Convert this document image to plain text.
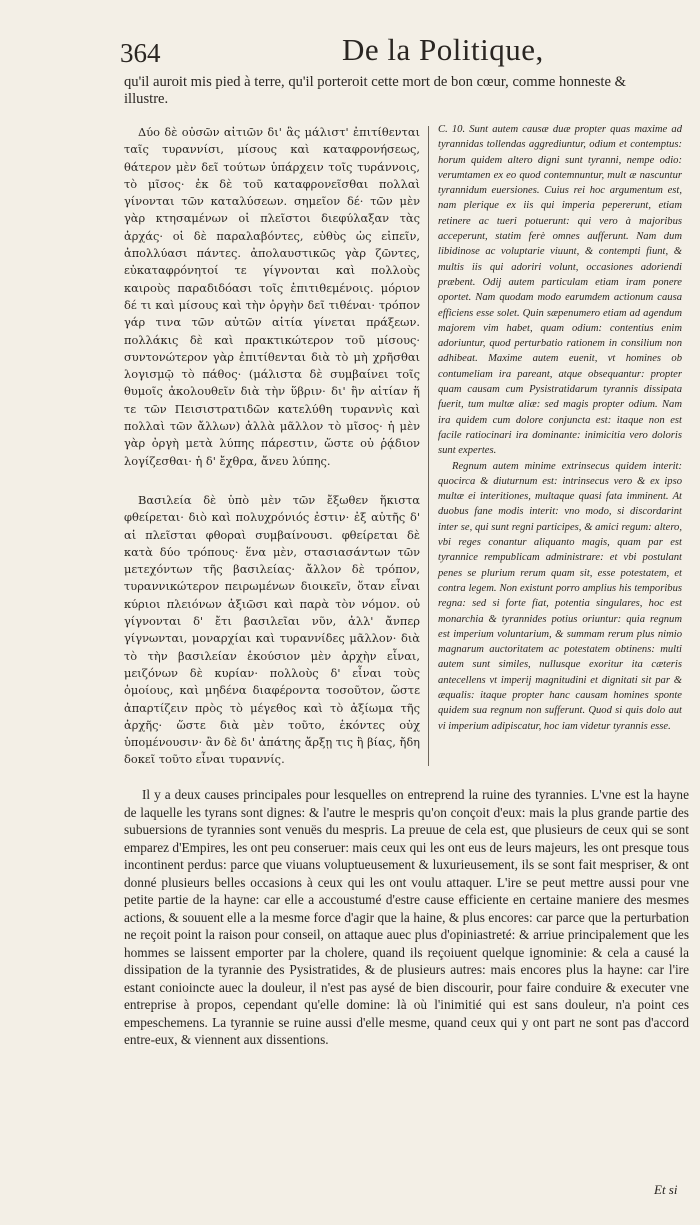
364	De la Politique,
qu'il auroit mis pied à terre, qu'il porteroit cette mort de bon cœur, comme honneste & illustre.

Δύο δὲ οὐσῶν αἰτιῶν δι' ἃς μάλιστ' ἐπιτίθενται ταῖς τυραννίσι, μίσους καὶ καταφρονήσεως, θάτερον μὲν δεῖ τούτων ὑπάρχειν τοῖς τυράννοις, τὸ μῖσος· ἐκ δὲ τοῦ καταφρονεῖσθαι πολλαὶ γίνονται τῶν καταλύσεων. σημεῖον δέ· τῶν μὲν γὰρ κτησαμένων οἱ πλεῖστοι διεφύλαξαν τὰς ἀρχάς· οἱ δὲ παραλαβόντες, εὐθὺς ὡς εἰπεῖν, ἀπολλύασι πάντες. ἀπολαυστικῶς γὰρ ζῶντες, εὐκαταφρόνητοί τε γίγνονται καὶ πολλοὺς καιροὺς παραδιδόασι τοῖς ἐπιτιθεμένοις. μόριον δέ τι καὶ μίσους καὶ τὴν ὀργὴν δεῖ τιθέναι· τρόπον γάρ τινα τῶν αὐτῶν αἰτία γίνεται πράξεων. πολλάκις δὲ καὶ πρακτικώτερον τοῦ μίσους· συντονώτερον γὰρ ἐπιτίθενται διὰ τὸ μὴ χρῆσθαι λογισμῷ τὸ πάθος· (μάλιστα δὲ συμβαίνει τοῖς θυμοῖς ἀκολουθεῖν διὰ τὴν ὕβριν· δι' ἣν αἰτίαν ἥ τε τῶν Πεισιστρατιδῶν κατελύθη τυραννὶς καὶ πολλαὶ τῶν ἄλλων) ἀλλὰ μᾶλλον τὸ μῖσος· ἡ μὲν γὰρ ὀργὴ μετὰ λύπης πάρεστιν, ὥστε οὐ ῥᾴδιον λογίζεσθαι· ἡ δ' ἔχθρα, ἄνευ λύπης.

Βασιλεία δὲ ὑπὸ μὲν τῶν ἔξωθεν ἥκιστα φθείρεται· διὸ καὶ πολυχρόνιός ἐστιν· ἐξ αὑτῆς δ' αἱ πλεῖσται φθοραὶ συμβαίνουσι. φθείρεται δὲ κατὰ δύο τρόπους· ἕνα μὲν, στασιασάντων τῶν μετεχόντων τῆς βασιλείας· ἄλλον δὲ τρόπον, τυραννικώτερον πειρωμένων διοικεῖν, ὅταν εἶναι κύριοι πλειόνων ἀξιῶσι καὶ παρὰ τὸν νόμον. οὐ γίγνονται δ' ἔτι βασιλεῖαι νῦν, ἀλλ' ἄνπερ γίγνωνται, μοναρχίαι καὶ τυραννίδες μᾶλλον· διὰ τὸ τὴν βασιλείαν ἑκούσιον μὲν ἀρχὴν εἶναι, μειζόνων δὲ κυρίαν· πολλοὺς δ' εἶναι τοὺς ὁμοίους, καὶ μηδένα διαφέροντα τοσοῦτον, ὥστε ἀπαρτίζειν πρὸς τὸ μέγεθος καὶ τὸ ἀξίωμα τῆς ἀρχῆς· ὥστε διὰ μὲν τοῦτο, ἑκόντες οὐχ ὑπομένουσιν· ἂν δὲ δι' ἀπάτης ἄρξῃ τις ἢ βίας, ἤδη δοκεῖ τοῦτο εἶναι τυραννίς.

C. 10. Sunt autem causæ duæ propter quas maxime ad tyrannidas tollendas aggrediuntur, odium et contemptus: horum quidem altero digni sunt tyranni, nempe odio: verumtamen ex eo quod contemnuntur, mult æ nascuntur tyrannidum euersiones. Cuius rei hoc argumentum est, nam plerique ex iis qui imperia pepererunt, etiam retinere ac tueri potuerunt: qui vero à majoribus acceperunt, statim ferè omnes aufferunt. Nam dum libidinose ac voluptarie viuunt, & contempti fiunt, & multis iis qui adoriri volunt, occasiones adoriendi præbent. Odij autem particulam etiam iram ponere oportet. Nam quodam modo earumdem actionum causa efficiens esse solet. Quin sæpenumero etiam ad agendum majorem vim habet, quam odium: contentius enim adoriuntur, quod perturbatio rationem in consilium non adhibeat. Maxime autem euenit, vt homines ob contumeliam ira pareant, atque obsequantur: propter quam causam cum Pysistratidarum tyrannis dissipata fuerit, tum multæ aliæ: sed magis propter odium. Nam ira quidem cum dolore conjuncta est: itaque non est facile ratiocinari ira dominante: inimicitia vero doloris sunt expertes.

Regnum autem minime extrinsecus quidem interit: quocirca & diuturnum est: intrinsecus vero & ex ipso multæ ei interitiones, multaque quasi fata imminent. At duobus fane modis interit: vno modo, si discordarint inter se, qui sunt regni participes, & amici regum: altero, vbi reges conantur aliquanto magis, quam par est tyrannice rempublicam administrare: et vbi postulant penes se plurium rerum quam sit, esse potestatem, et contra legem. Non existunt porro amplius his temporibus regna: sed si forte fiat, potentia singulares, hoc est monarchia & tyrannides potius oriuntur: quia regnum est imperium voluntarium, & summam rerum plus nimio magnarum auctoritatem ac potestatem obtinens: multi autem sunt similes, nullusque exoritur ita cæteris antecellens vt imperij magnitudini et dignitati sit par & æqualis: itaque propter hanc causam homines sponte quidem sua regnum non sufferunt. Quod si quis dolo aut vi imperium adipiscatur, hoc iam videtur tyrannis esse.

Il y a deux causes principales pour lesquelles on entreprend la ruine des tyrannies. L'vne est la hayne de laquelle les tyrans sont dignes: & l'autre le mespris qu'on conçoit d'eux: mais la plus grande partie des subuersions de tyrannies sont venuës du mespris. La preuue de cela est, que plusieurs de ceux qui se sont emparez d'Empires, les ont peu conseruer: mais ceux qui les ont eus de leurs majeurs, les ont presque tous incontinent perdus: parce que viuans voluptueusement & luxurieusement, ils se sont fait mespriser, & ont donné plusieurs belles occasions à ceux qui les ont voulu attaquer. L'ire se peut mettre aussi pour vne petite partie de la hayne: car elle a accoustumé d'estre cause efficiente en certaine maniere des mesmes actions, & souuent elle a la mesme force d'agir que la haine, & plus encores: car parce que la perturbation ne reçoit point la raison pour conseil, on attaque auec plus d'opiniastreté: & arriue principalement que les hommes se laissent emporter par la cholere, quand ils reçoiuent quelque ignominie: & cela a causé la dissipation de la tyrannie des Pysistratides, & de plusieurs autres: mais encores plus la hayne: car l'ire estant conioincte auec la douleur, il n'est pas aysé de bien discourir, pour faire conduire & executer vne entreprise à propos, cependant qu'elle domine: là où l'inimitié qui est sans douleur, n'a point ces empeschemens. La tyrannie se ruine aussi d'elle mesme, quand ceux qui y ont part ne sont pas d'accord entre-eux, & viennent aux dissentions.

Et si
